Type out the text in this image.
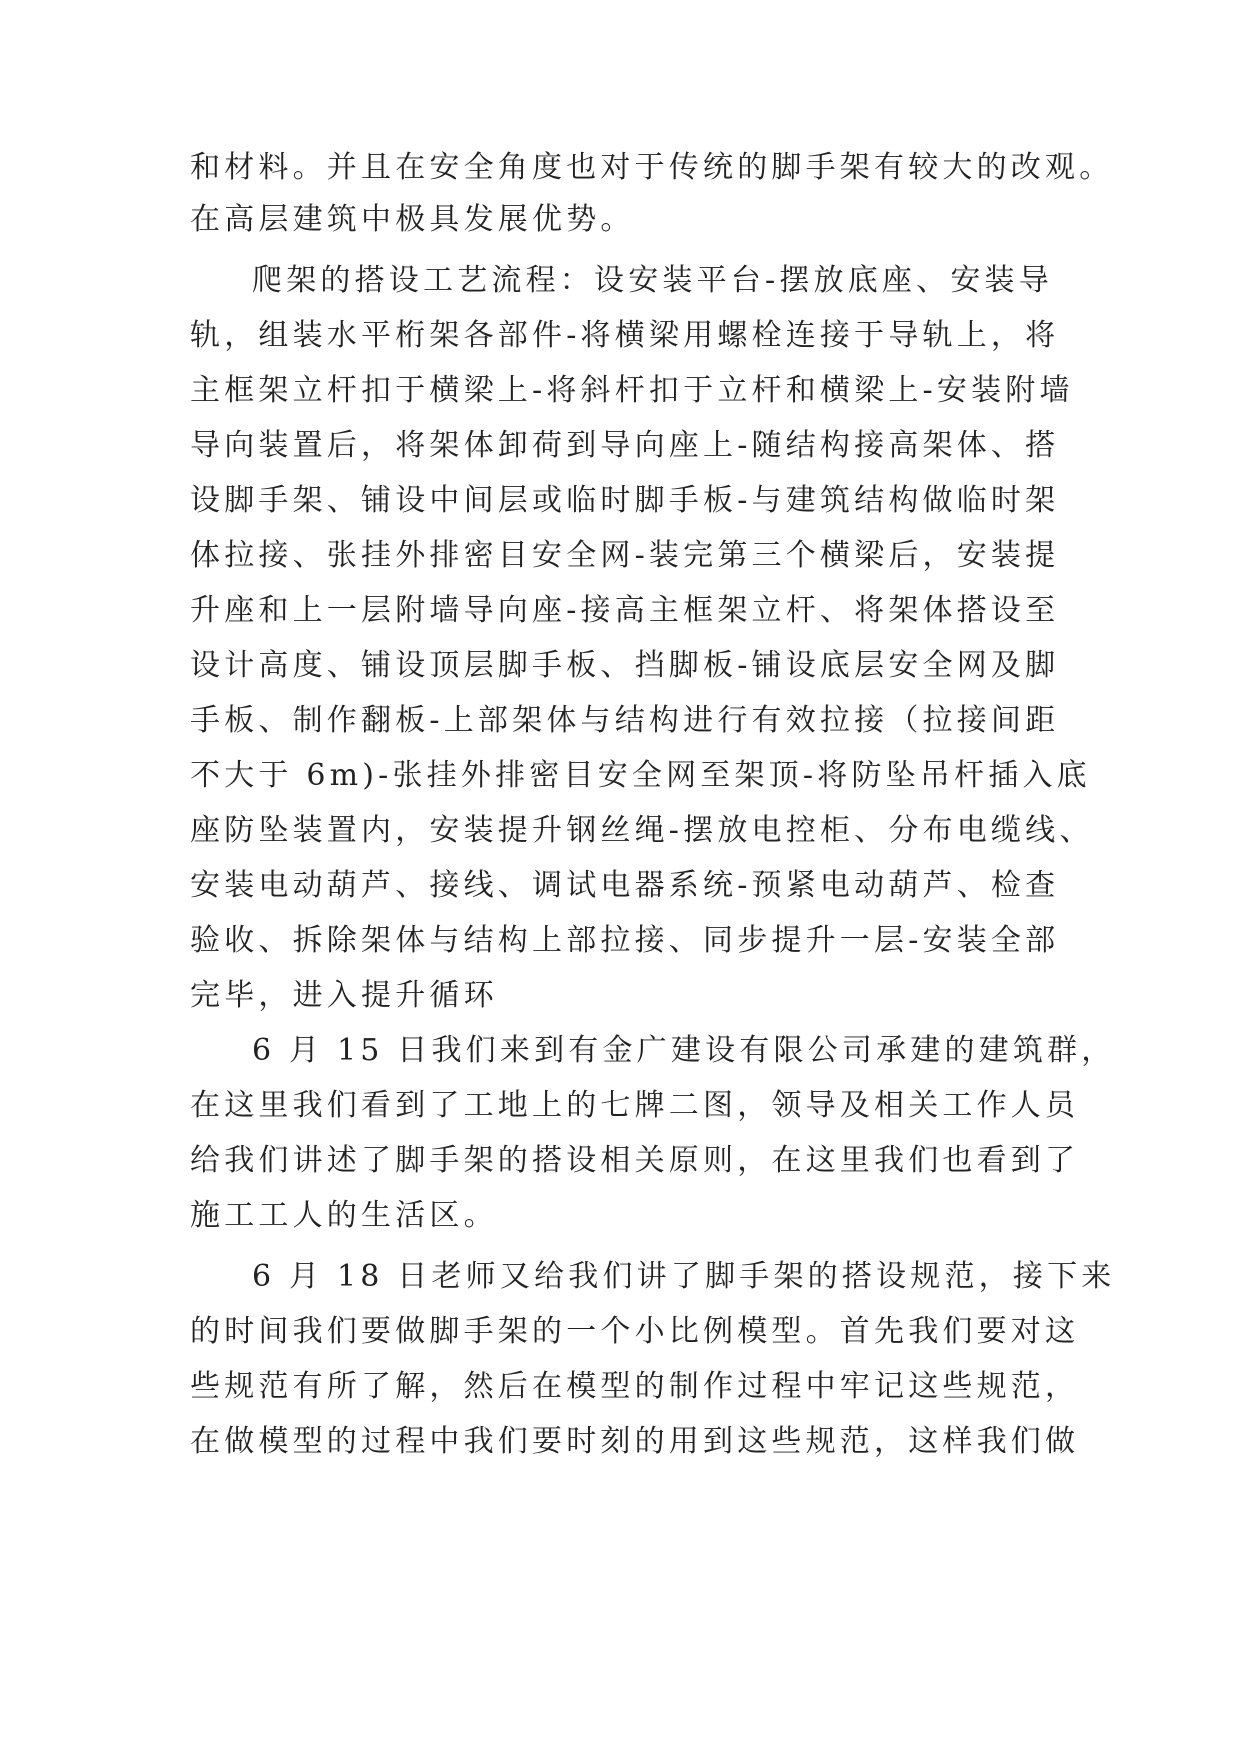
和材料。并且在安全角度也对于传统的脚手架有较大的改观。
在高层建筑中极具发展优势。
爬架的搭设工艺流程：设安装平台-摆放底座、安装导
轨，组装水平桁架各部件-将横梁用螺栓连接于导轨上，将
主框架立杆扣于横梁上-将斜杆扣于立杆和横梁上-安装附墙
导向装置后，将架体卸荷到导向座上-随结构接高架体、搭
设脚手架、铺设中间层或临时脚手板-与建筑结构做临时架
体拉接、张挂外排密目安全网-装完第三个横梁后，安装提
升座和上一层附墙导向座-接高主框架立杆、将架体搭设至
设计高度、铺设顶层脚手板、挡脚板-铺设底层安全网及脚
手板、制作翻板-上部架体与结构进行有效拉接（拉接间距
不大于 6m)-张挂外排密目安全网至架顶-将防坠吊杆插入底
座防坠装置内，安装提升钢丝绳-摆放电控柜、分布电缆线、
安装电动葫芦、接线、调试电器系统-预紧电动葫芦、检查
验收、拆除架体与结构上部拉接、同步提升一层-安装全部
完毕，进入提升循环
6 月 15 日我们来到有金广建设有限公司承建的建筑群，
在这里我们看到了工地上的七牌二图，领导及相关工作人员
给我们讲述了脚手架的搭设相关原则，在这里我们也看到了
施工工人的生活区。
6 月 18 日老师又给我们讲了脚手架的搭设规范，接下来
的时间我们要做脚手架的一个小比例模型。首先我们要对这
些规范有所了解，然后在模型的制作过程中牢记这些规范，
在做模型的过程中我们要时刻的用到这些规范，这样我们做
